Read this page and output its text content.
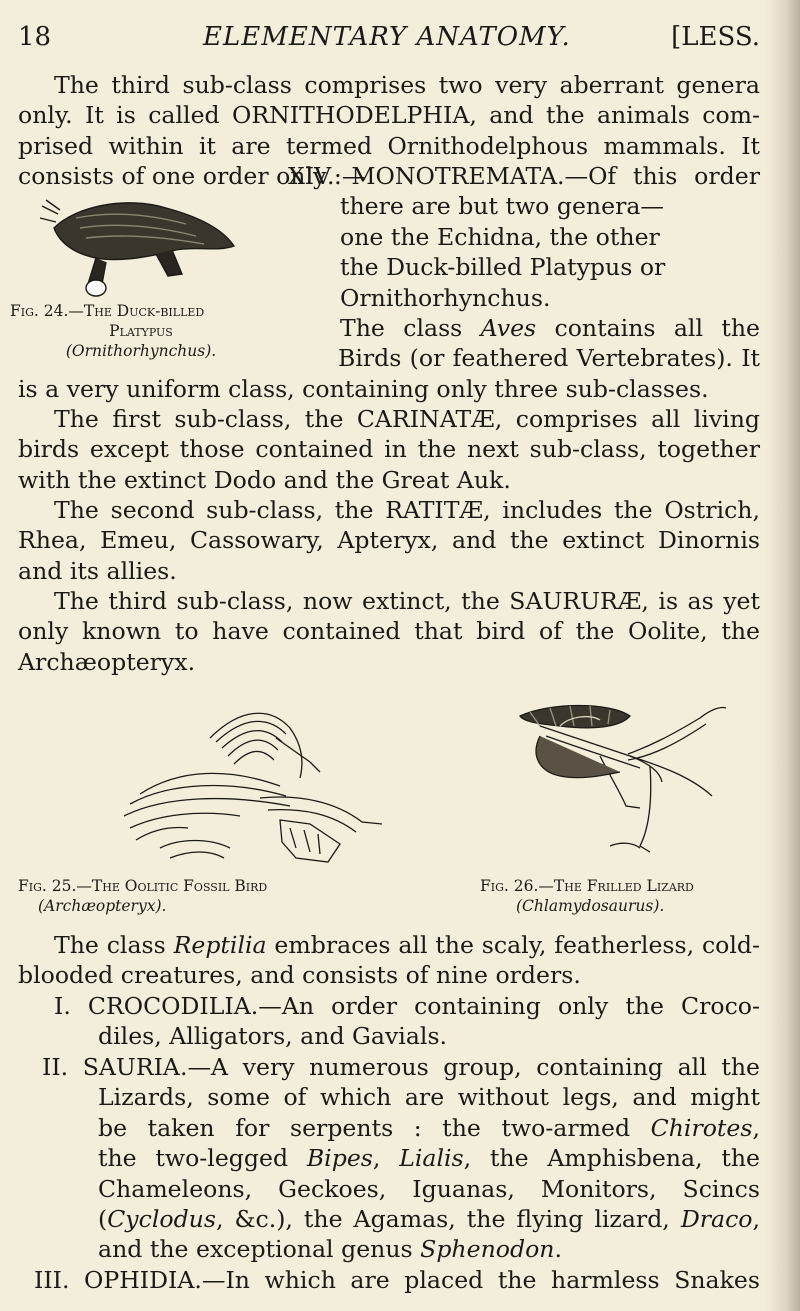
18	ELEMENTARY ANATOMY.	[LESS.
The third sub-class comprises two very aberrant genera
only. It is called ORNITHODELPHIA, and the animals com-
prised within it are termed Ornithodelphous mammals. It
consists of one order only :—
XIV. MONOTREMATA.—Of this order
there are but two genera—
one the Echidna, the other
the Duck-billed Platypus or
Ornithorhynchus.
Fig. 24.—The Duck-billed
Platypus
(Ornithorhynchus).
The class Aves contains all the
Birds (or feathered Vertebrates). It
is a very uniform class, containing only three sub-classes.
The first sub-class, the CARINATÆ, comprises all living
birds except those contained in the next sub-class, together
with the extinct Dodo and the Great Auk.
The second sub-class, the RATITÆ, includes the Ostrich,
Rhea, Emeu, Cassowary, Apteryx, and the extinct Dinornis
and its allies.
The third sub-class, now extinct, the SAURURÆ, is as yet
only known to have contained that bird of the Oolite, the
Archæopteryx.
Fig. 25.—The Oolitic Fossil Bird
(Archæopteryx).
Fig. 26.—The Frilled Lizard
(Chlamydosaurus).
The class Reptilia embraces all the scaly, featherless, cold-
blooded creatures, and consists of nine orders.
I. CROCODILIA.—An order containing only the Croco-
diles, Alligators, and Gavials.
II. SAURIA.—A very numerous group, containing all the
Lizards, some of which are without legs, and might
be taken for serpents : the two-armed Chirotes,
the two-legged Bipes, Lialis, the Amphisbena, the
Chameleons, Geckoes, Iguanas, Monitors, Scincs
(Cyclodus, &c.), the Agamas, the flying lizard, Draco,
and the exceptional genus Sphenodon.
III. OPHIDIA.—In which are placed the harmless Snakes
